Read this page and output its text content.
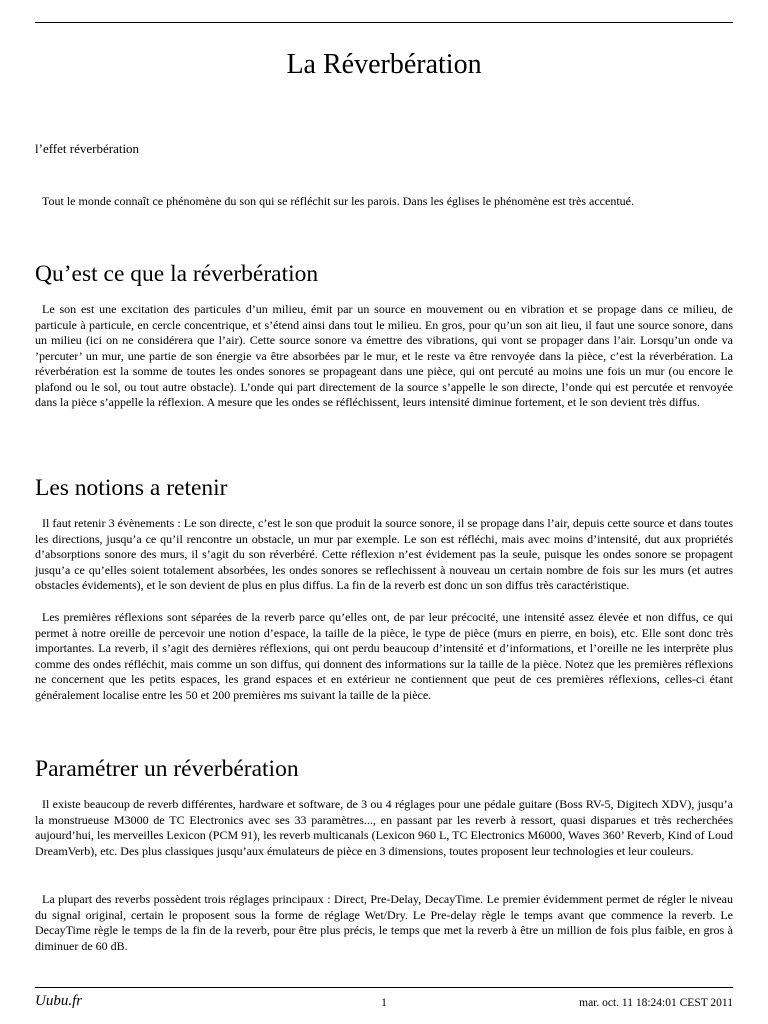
La Réverbération

l’effet réverbération

Tout le monde connaît ce phénomène du son qui se réfléchit sur les parois. Dans les églises le phénomène est très accentué.

Qu’est ce que la réverbération

Le son est une excitation des particules d’un milieu, émit par un source en mouvement ou en vibration et se propage dans ce milieu, de particule à particule, en cercle concentrique, et s’étend ainsi dans tout le milieu. En gros, pour qu’un son ait lieu, il faut une source sonore, dans un milieu (ici on ne considérera que l’air). Cette source sonore va émettre des vibrations, qui vont se propager dans l’air. Lorsqu’un onde va ’percuter’ un mur, une partie de son énergie va être absorbées par le mur, et le reste va être renvoyée dans la pièce, c’est la réverbération. La réverbération est la somme de toutes les ondes sonores se propageant dans une pièce, qui ont percuté au moins une fois un mur (ou encore le plafond ou le sol, ou tout autre obstacle). L’onde qui part directement de la source s’appelle le son directe, l’onde qui est percutée et renvoyée dans la pièce s’appelle la réflexion. A mesure que les ondes se réfléchissent, leurs intensité diminue fortement, et le son devient très diffus.

Les notions a retenir

Il faut retenir 3 évènements : Le son directe, c’est le son que produit la source sonore, il se propage dans l’air, depuis cette source et dans toutes les directions, jusqu’a ce qu’il rencontre un obstacle, un mur par exemple. Le son est réfléchi, mais avec moins d’intensité, dut aux propriétés d’absorptions sonore des murs, il s’agit du son réverbéré. Cette réflexion n’est évidement pas la seule, puisque les ondes sonore se propagent jusqu’a ce qu’elles soient totalement absorbées, les ondes sonores se reflechissent à nouveau un certain nombre de fois sur les murs (et autres obstacles évidements), et le son devient de plus en plus diffus. La fin de la reverb est donc un son diffus très caractéristique.

Les premières réflexions sont séparées de la reverb parce qu’elles ont, de par leur précocité, une intensité assez élevée et non diffus, ce qui permet à notre oreille de percevoir une notion d’espace, la taille de la pièce, le type de pièce (murs en pierre, en bois), etc. Elle sont donc très importantes. La reverb, il s’agit des dernières réflexions, qui ont perdu beaucoup d’intensité et d’informations, et l’oreille ne les interprète plus comme des ondes réfléchit, mais comme un son diffus, qui donnent des informations sur la taille de la pièce. Notez que les premières réflexions ne concernent que les petits espaces, les grand espaces et en extérieur ne contiennent que peut de ces premières réflexions, celles-ci étant généralement localise entre les 50 et 200 premières ms suivant la taille de la pièce.

Paramétrer un réverbération

Il existe beaucoup de reverb différentes, hardware et software, de 3 ou 4 réglages pour une pédale guitare (Boss RV-5, Digitech XDV), jusqu’a la monstrueuse M3000 de TC Electronics avec ses 33 paramètres..., en passant par les reverb à ressort, quasi disparues et très recherchées aujourd’hui, les merveilles Lexicon (PCM 91), les reverb multicanals (Lexicon 960 L, TC Electronics M6000, Waves 360’ Reverb, Kind of Loud DreamVerb), etc. Des plus classiques jusqu’aux émulateurs de pièce en 3 dimensions, toutes proposent leur technologies et leur couleurs.

La plupart des reverbs possèdent trois réglages principaux : Direct, Pre-Delay, DecayTime. Le premier évidemment permet de régler le niveau du signal original, certain le proposent sous la forme de réglage Wet/Dry. Le Pre-delay règle le temps avant que commence la reverb. Le DecayTime règle le temps de la fin de la reverb, pour être plus précis, le temps que met la reverb à être un million de fois plus faible, en gros à diminuer de 60 dB.

Uubu.fr	1	mar. oct. 11 18:24:01 CEST 2011
